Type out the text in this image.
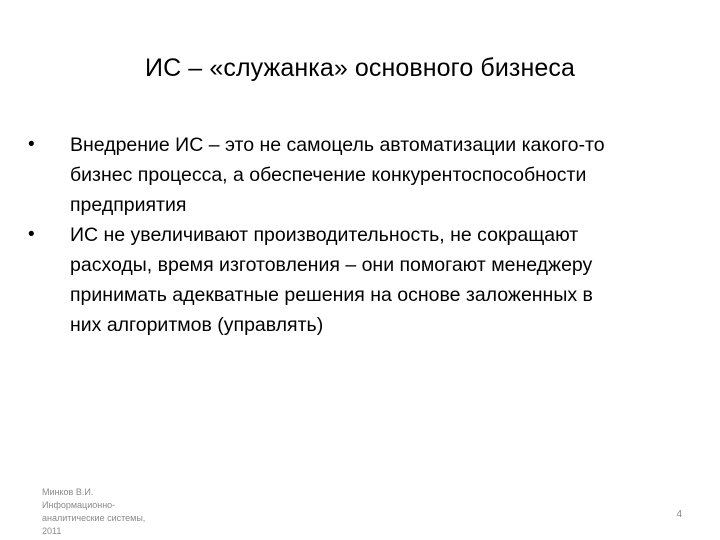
ИС – «служанка» основного бизнеса
• Внедрение ИС – это не самоцель автоматизации какого-то
бизнес процесса, а обеспечение конкурентоспособности
предприятия
• ИС не увеличивают производительность, не сокращают
расходы, время изготовления – они помогают менеджеру
принимать адекватные решения на основе заложенных в
них алгоритмов (управлять)
Минков В.И.
Информационно-
аналитические системы,
2011
4
